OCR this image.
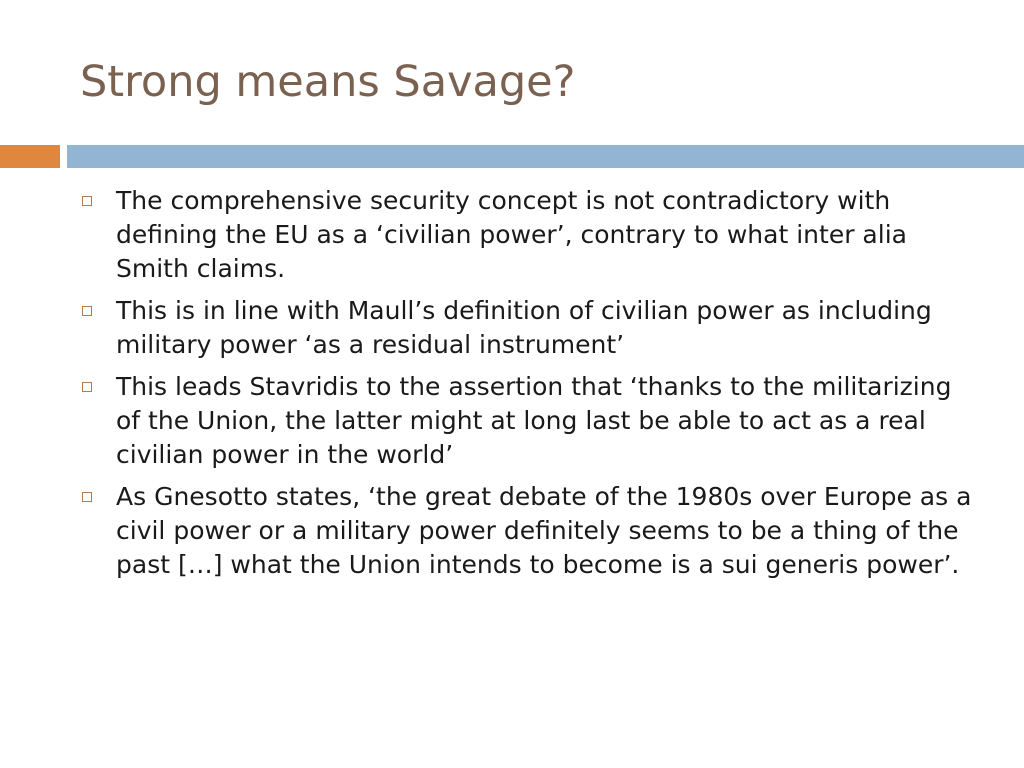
Strong means Savage?
The comprehensive security concept is not contradictory with defining the EU as a ‘civilian power’, contrary to what inter alia Smith claims.
This is in line with Maull’s definition of civilian power as including military power ‘as a residual instrument’
This leads Stavridis to the assertion that ‘thanks to the militarizing of the Union, the latter might at long last be able to act as a real civilian power in the world’
As Gnesotto states, ‘the great debate of the 1980s over Europe as a civil power or a military power definitely seems to be a thing of the past […] what the Union intends to become is a sui generis power’.
